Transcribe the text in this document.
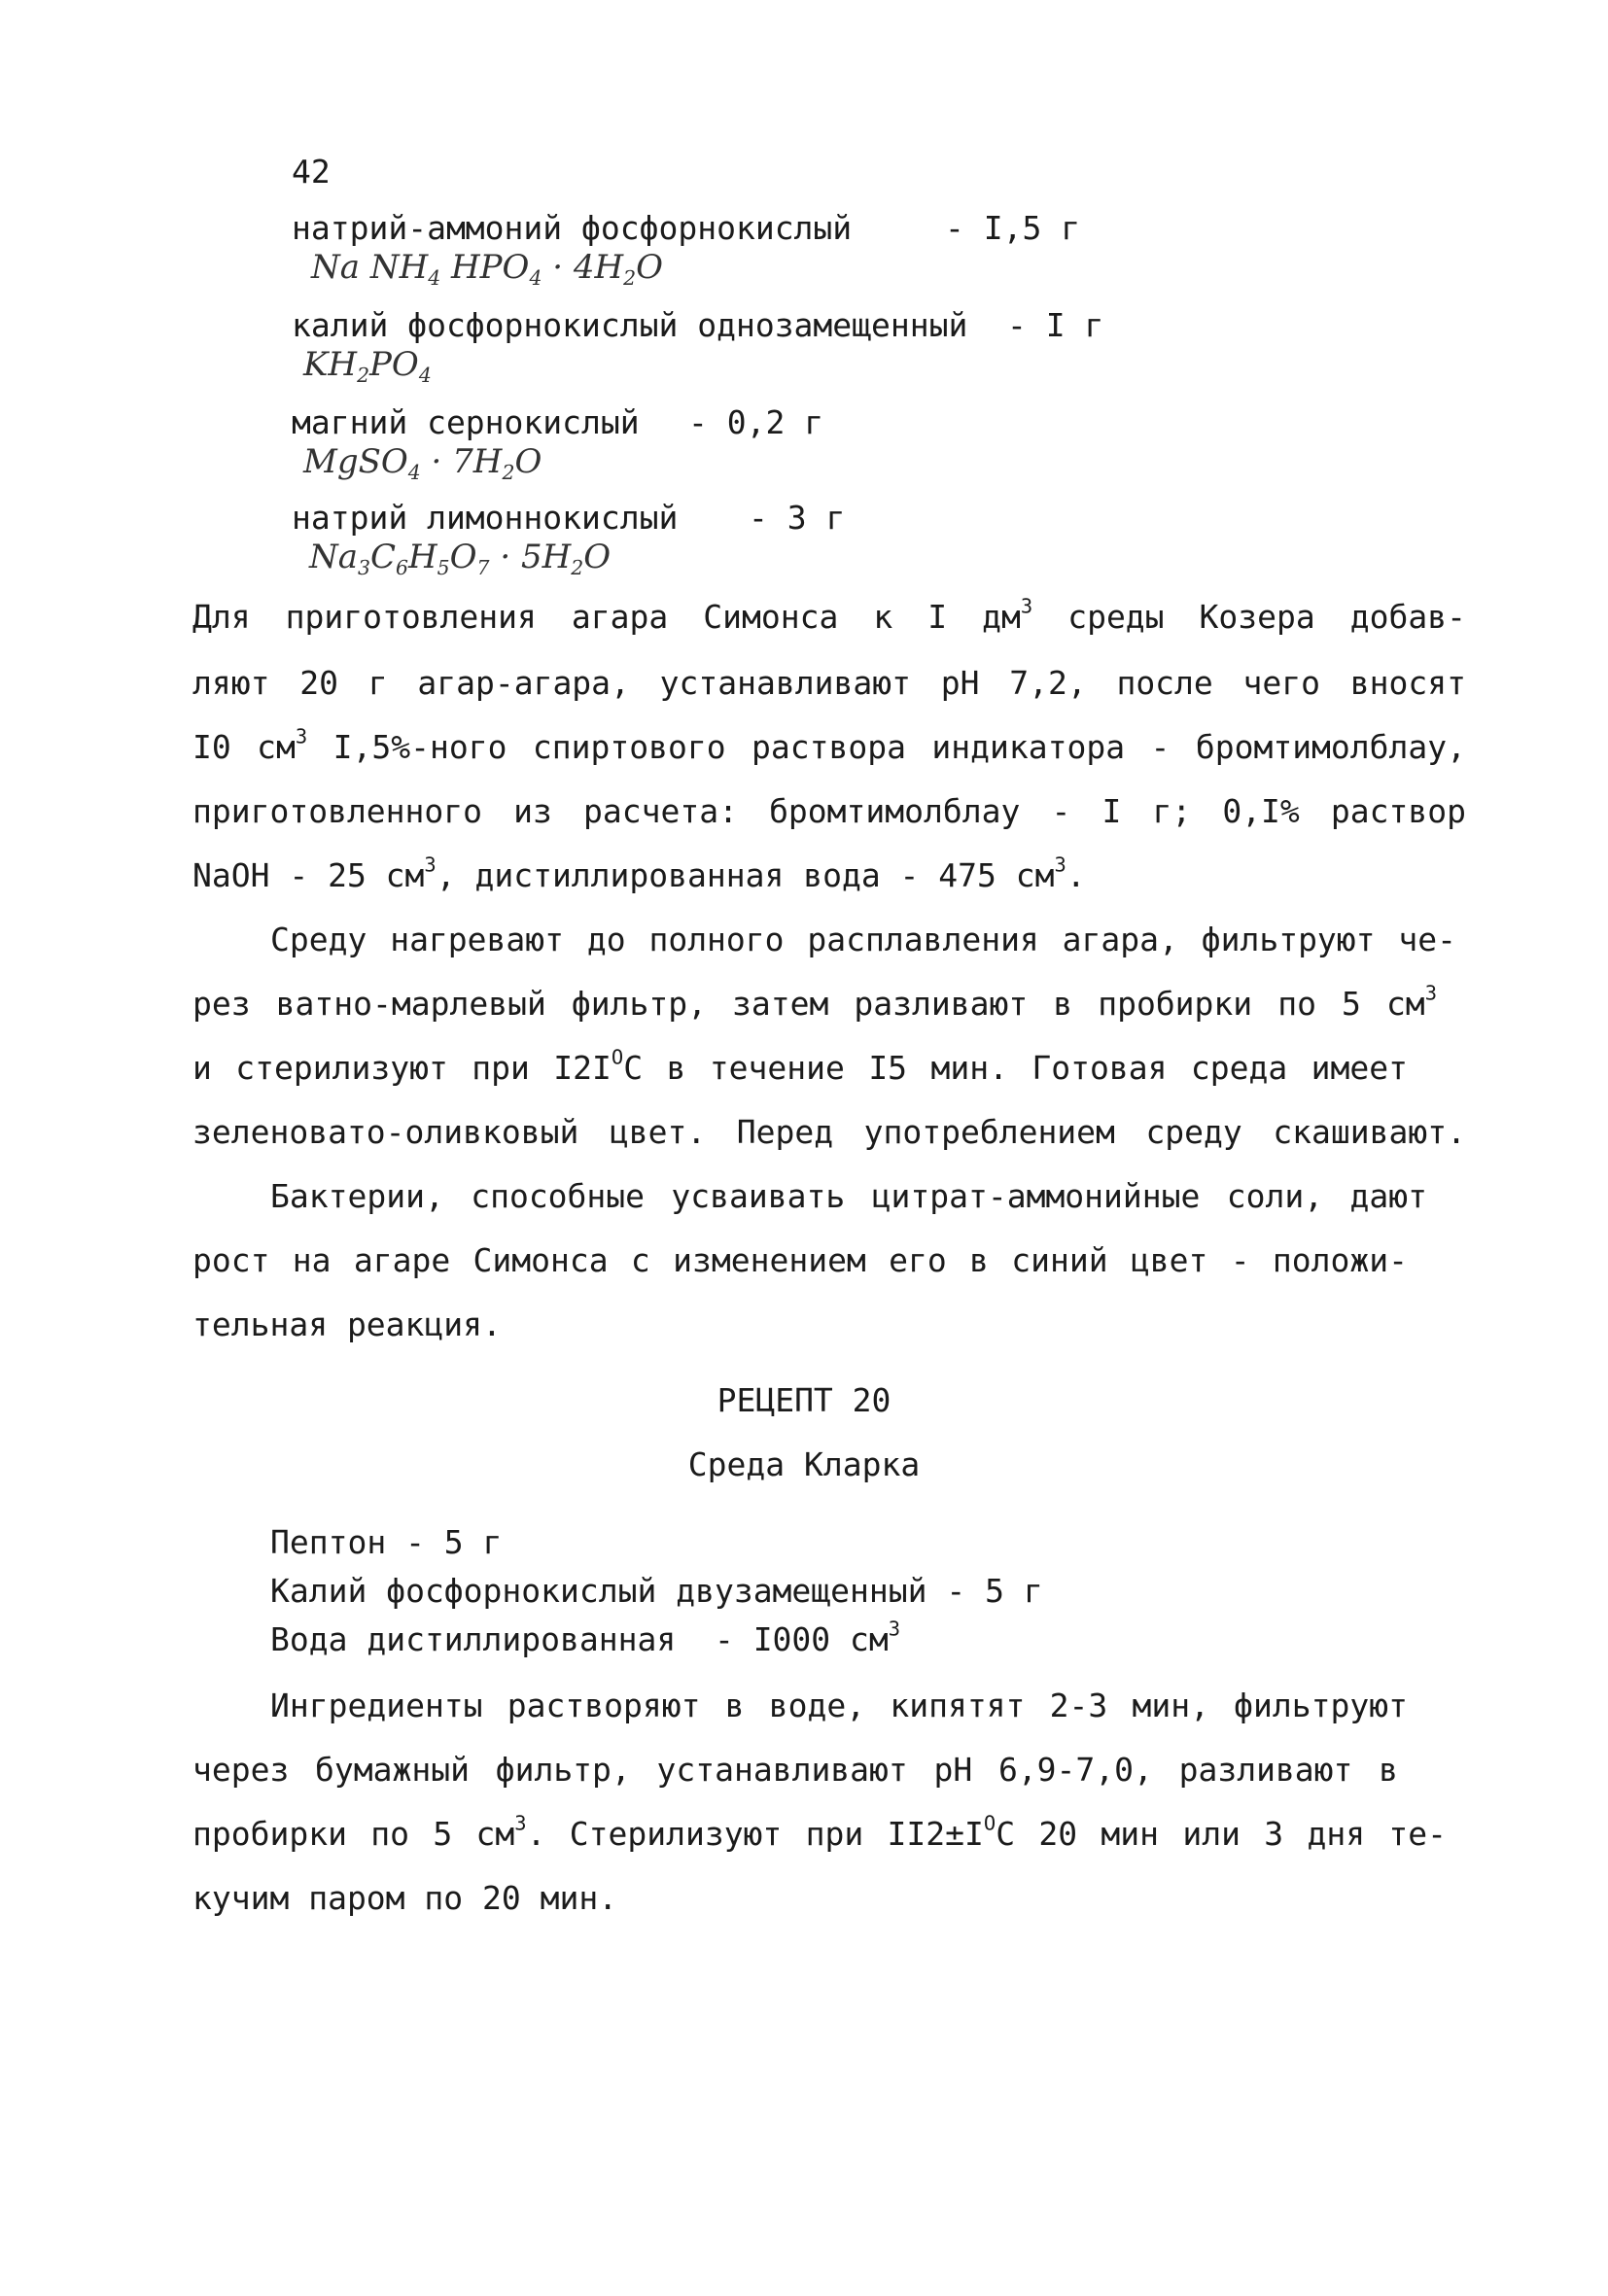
42
натрий-аммоний фосфорнокислый	- I,5 г
Na $NH_4$ $HPO_4 \cdot 4H_2O$
калий фосфорнокислый однозамещенный - I г
$KH_2PO_4$
магний сернокислый - 0,2 г
MgSO$_4$ · $7H_2O$
натрий лимоннокислый - 3 г
$Na_3C_6H_5O_7 \cdot 5H_2O$
Для приготовления агара Симонса к I $дм^3$ среды Козера добав-
ляют 20 г агар-агара, устанавливают pH 7,2, после чего вносят
I0 $см^3$ I,5%-ного спиртового раствора индикатора - бромтимолблау,
приготовленного из расчета: бромтимолблау - I г; 0,I% раствор
NaOH - 25 $см^3$, дистиллированная вода - 475 $см^3$.
Среду нагревают до полного расплавления агара, фильтруют че-
рез ватно-марлевый фильтр, затем разливают в пробирки по 5 $см^3$
и стерилизуют при $I2I^ОС$ в течение I5 мин. Готовая среда имеет
зеленовато-оливковый цвет. Перед употреблением среду скашивают.
Бактерии, способные усваивать цитрат-аммонийные соли, дают
рост на агаре Симонса с изменением его в синий цвет - положи-
тельная реакция.
РЕЦЕПТ 20
Среда Кларка
Пептон - 5 г
Калий фосфорнокислый двузамещенный - 5 г
Вода дистиллированная  - I000 $см^3$
Ингредиенты растворяют в воде, кипятят 2-3 мин, фильтруют
через бумажный фильтр, устанавливают pH 6,9-7,0, разливают в
пробирки по 5 $см^3$. Стерилизуют при $II2\pm I^ОС$ 20 мин или 3 дня те-
кучим паром по 20 мин.
